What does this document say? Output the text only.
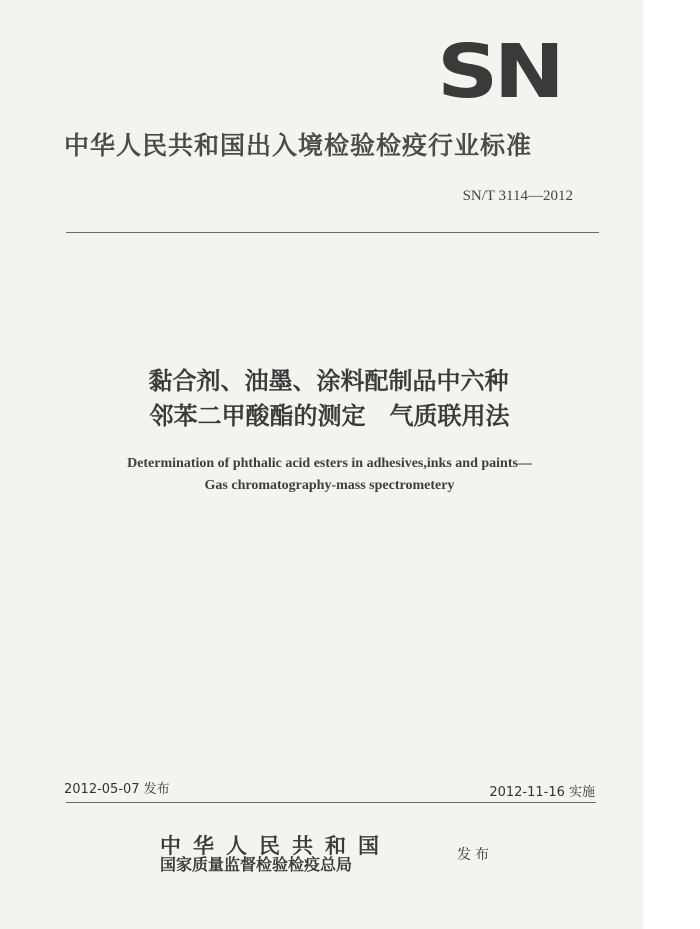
SN
中华人民共和国出入境检验检疫行业标准
SN/T 3114—2012
黏合剂、油墨、涂料配制品中六种
邻苯二甲酸酯的测定　气质联用法
Determination of phthalic acid esters in adhesives,inks and paints—
Gas chromatography-mass spectrometery
2012-05-07 发布	2012-11-16 实施
中华人民共和国
国家质量监督检验检疫总局	发布
